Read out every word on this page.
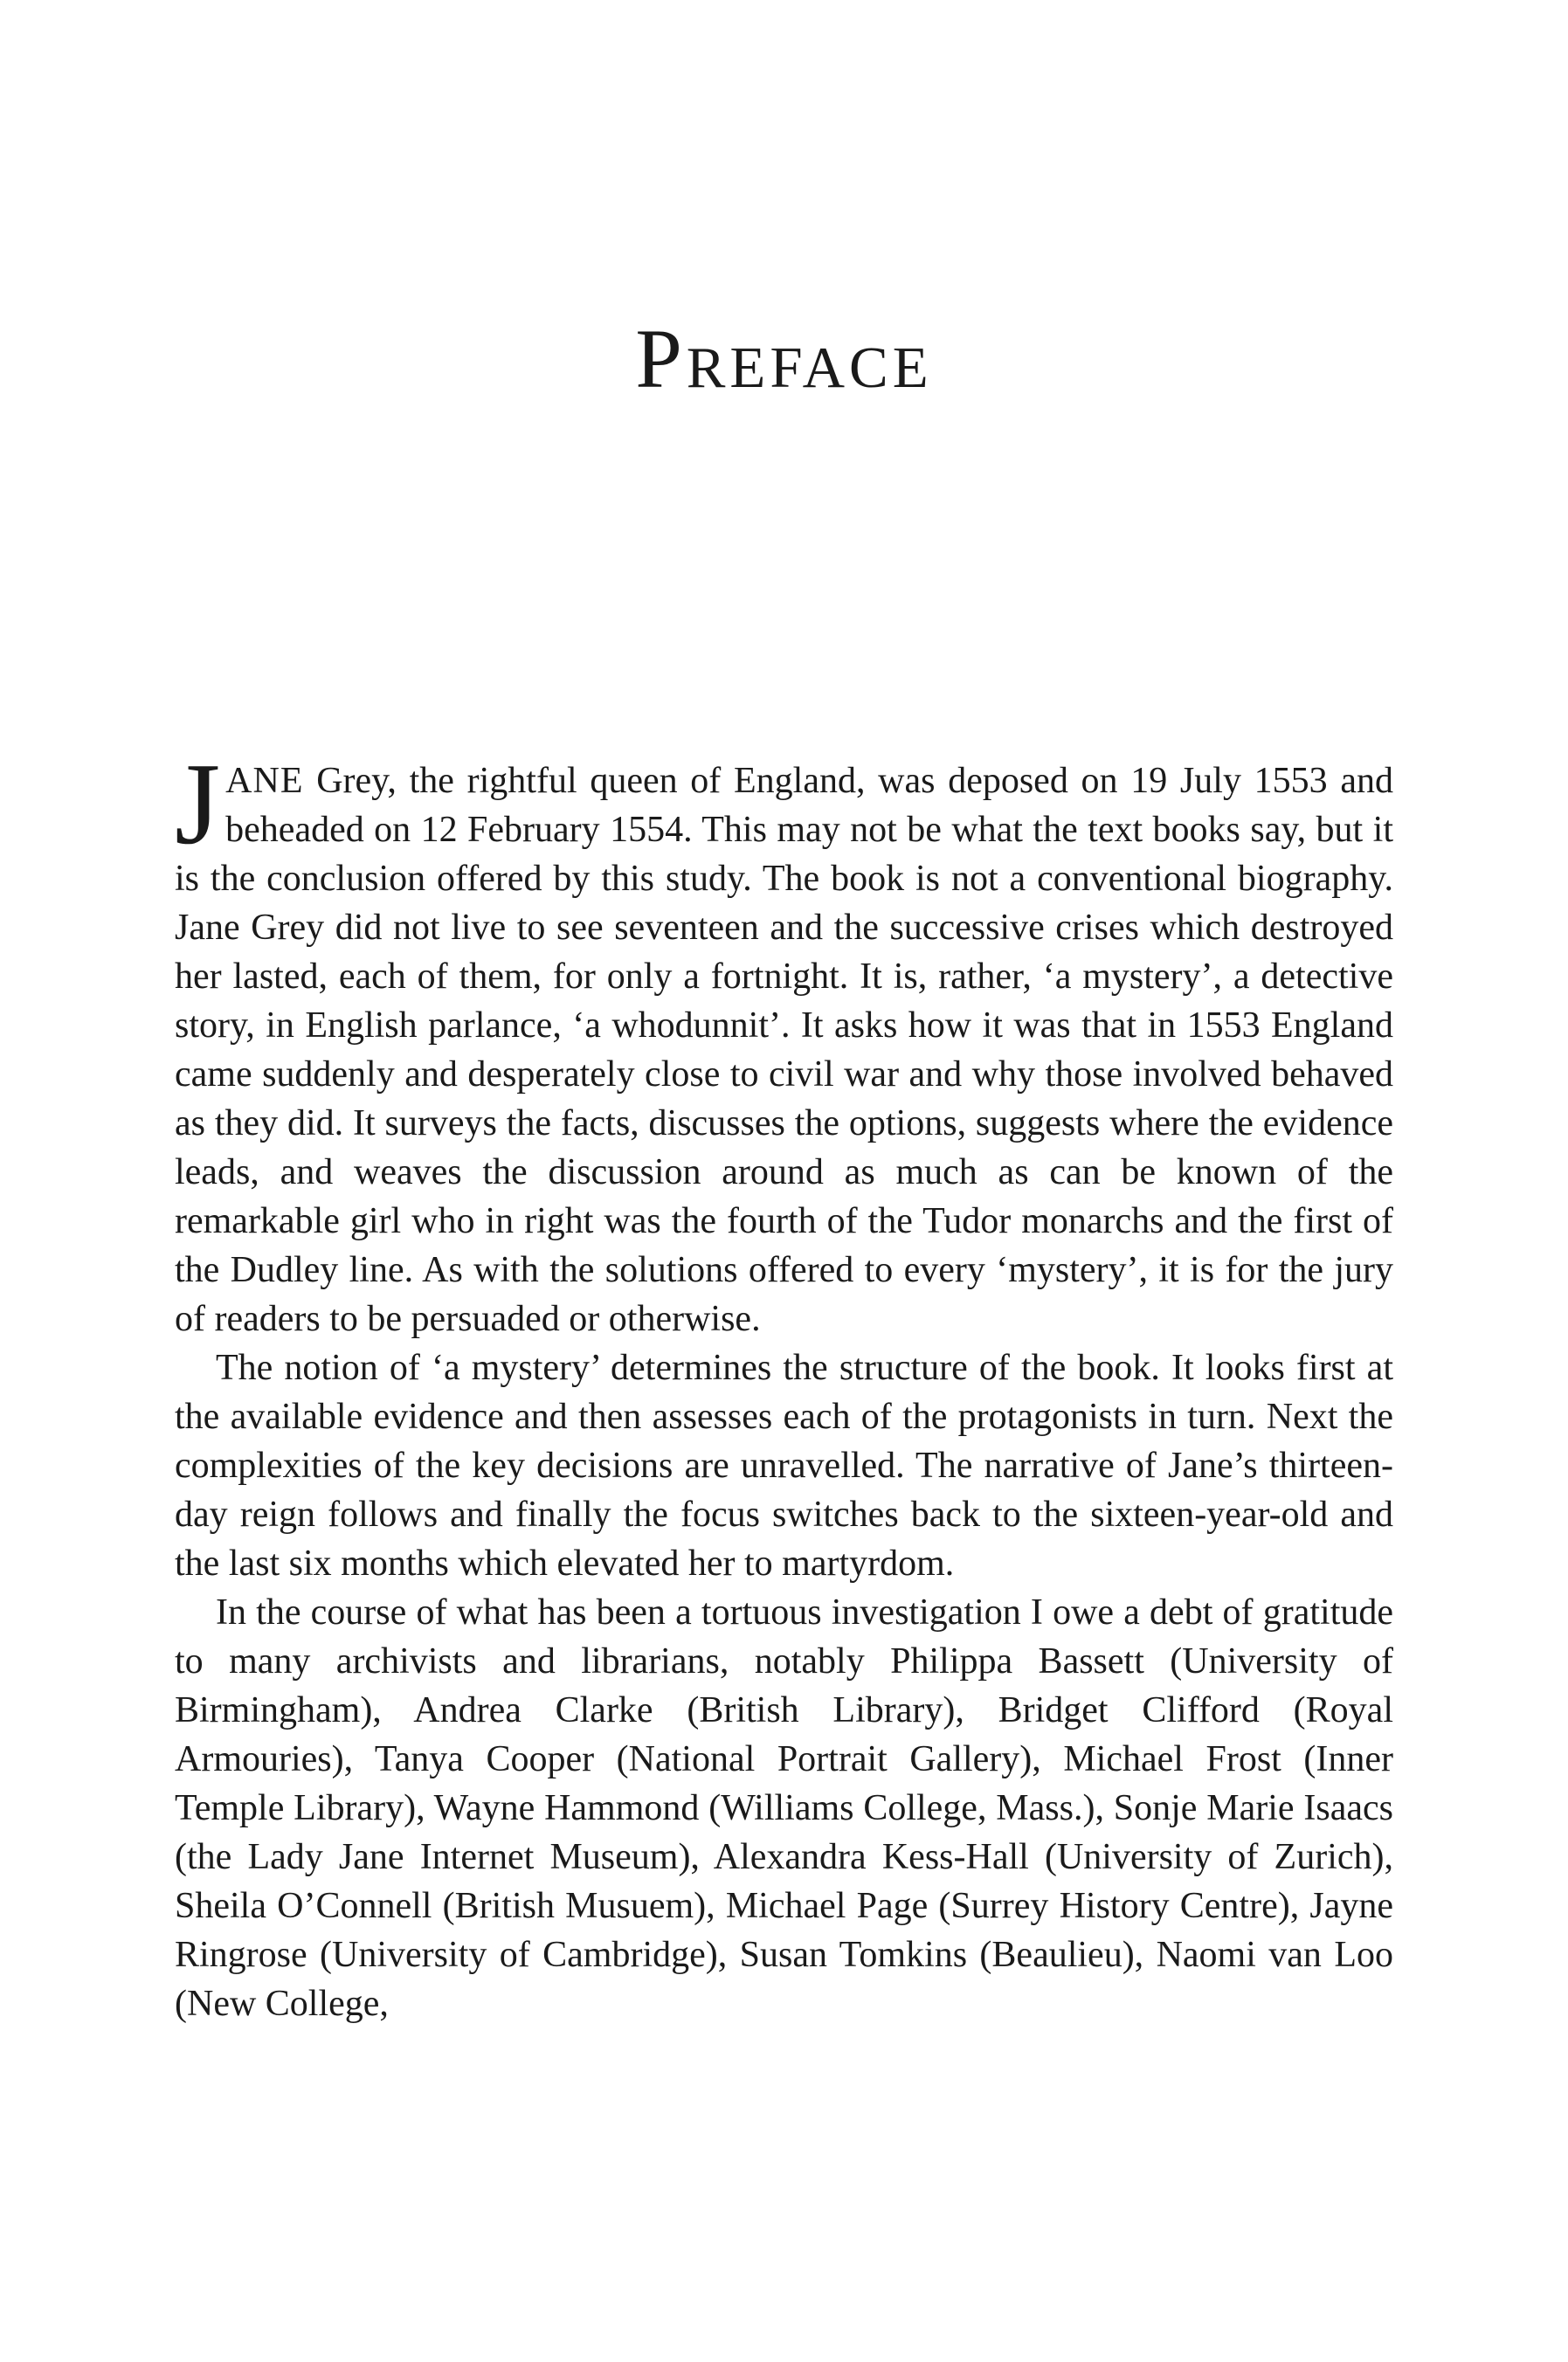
Preface

JANE Grey, the rightful queen of England, was deposed on 19 July 1553 and beheaded on 12 February 1554. This may not be what the text books say, but it is the conclusion offered by this study. The book is not a conventional biography. Jane Grey did not live to see seventeen and the successive crises which destroyed her lasted, each of them, for only a fortnight. It is, rather, ‘a mystery’, a detective story, in English parlance, ‘a whodunnit’. It asks how it was that in 1553 England came suddenly and desperately close to civil war and why those involved behaved as they did. It surveys the facts, discusses the options, suggests where the evidence leads, and weaves the discussion around as much as can be known of the remarkable girl who in right was the fourth of the Tudor monarchs and the first of the Dudley line. As with the solutions offered to every ‘mystery’, it is for the jury of readers to be persuaded or otherwise.

The notion of ‘a mystery’ determines the structure of the book. It looks first at the available evidence and then assesses each of the protagonists in turn. Next the complexities of the key decisions are unravelled. The narrative of Jane’s thirteen-day reign follows and finally the focus switches back to the sixteen-year-old and the last six months which elevated her to martyrdom.

In the course of what has been a tortuous investigation I owe a debt of gratitude to many archivists and librarians, notably Philippa Bassett (University of Birmingham), Andrea Clarke (British Library), Bridget Clifford (Royal Armouries), Tanya Cooper (National Portrait Gallery), Michael Frost (Inner Temple Library), Wayne Hammond (Williams College, Mass.), Sonje Marie Isaacs (the Lady Jane Internet Museum), Alexandra Kess-Hall (University of Zurich), Sheila O’Connell (British Musuem), Michael Page (Surrey History Centre), Jayne Ringrose (University of Cambridge), Susan Tomkins (Beaulieu), Naomi van Loo (New College,
